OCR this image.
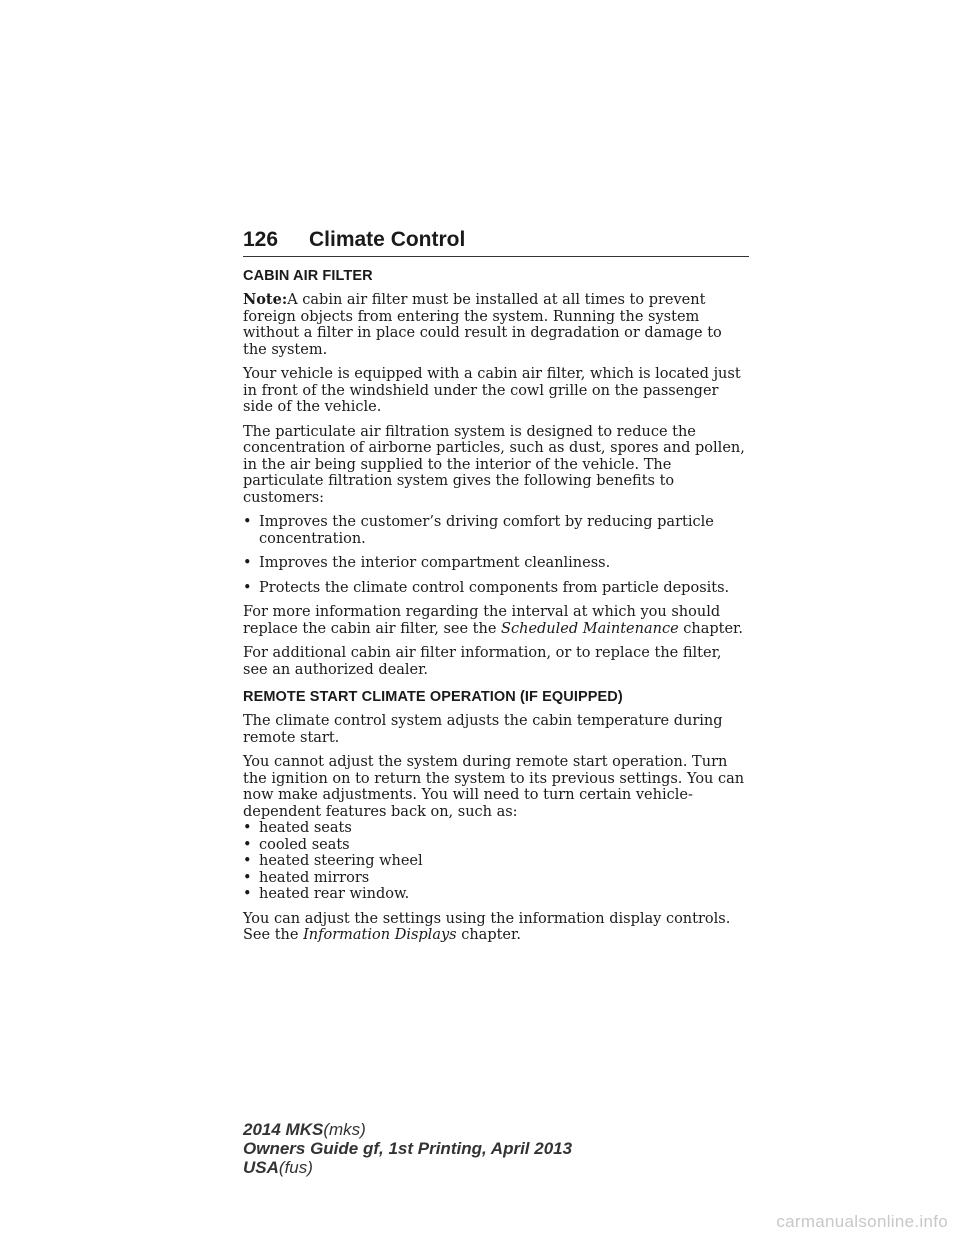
126	Climate Control
CABIN AIR FILTER

Note:A cabin air filter must be installed at all times to prevent foreign objects from entering the system. Running the system without a filter in place could result in degradation or damage to the system.

Your vehicle is equipped with a cabin air filter, which is located just in front of the windshield under the cowl grille on the passenger side of the vehicle.

The particulate air filtration system is designed to reduce the concentration of airborne particles, such as dust, spores and pollen, in the air being supplied to the interior of the vehicle. The particulate filtration system gives the following benefits to customers:

• Improves the customer’s driving comfort by reducing particle concentration.
• Improves the interior compartment cleanliness.
• Protects the climate control components from particle deposits.

For more information regarding the interval at which you should replace the cabin air filter, see the Scheduled Maintenance chapter.

For additional cabin air filter information, or to replace the filter, see an authorized dealer.

REMOTE START CLIMATE OPERATION (IF EQUIPPED)

The climate control system adjusts the cabin temperature during remote start.

You cannot adjust the system during remote start operation. Turn the ignition on to return the system to its previous settings. You can now make adjustments. You will need to turn certain vehicle-dependent features back on, such as:

• heated seats
• cooled seats
• heated steering wheel
• heated mirrors
• heated rear window.

You can adjust the settings using the information display controls. See the Information Displays chapter.

2014 MKS(mks)
Owners Guide gf, 1st Printing, April 2013
USA(fus)
carmanualsonline.info
